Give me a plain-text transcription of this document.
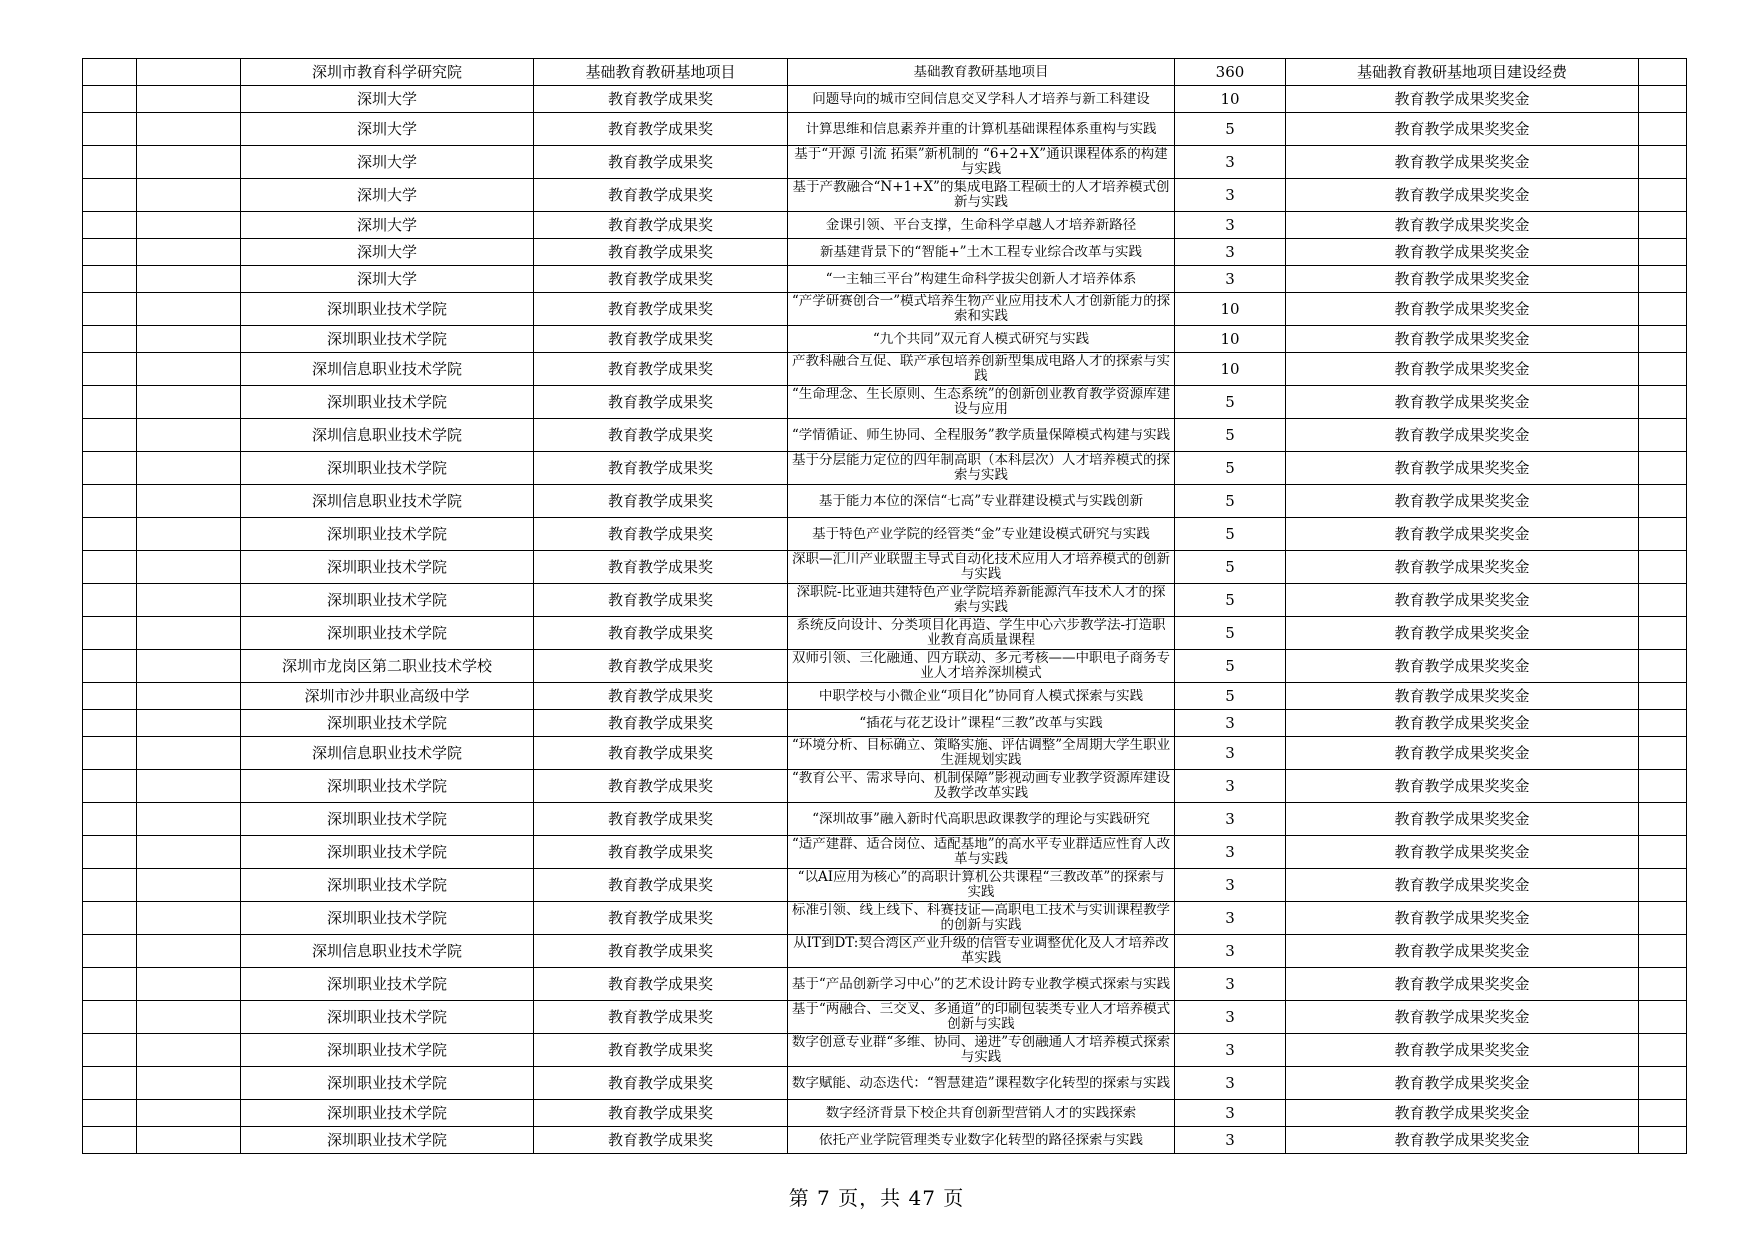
		深圳市教育科学研究院	基础教育教研基地项目	基础教育教研基地项目	360	基础教育教研基地项目建设经费	
		深圳大学	教育教学成果奖	问题导向的城市空间信息交叉学科人才培养与新工科建设	10	教育教学成果奖奖金	
		深圳大学	教育教学成果奖	计算思维和信息素养并重的计算机基础课程体系重构与实践	5	教育教学成果奖奖金	
		深圳大学	教育教学成果奖	基于“开源 引流 拓渠”新机制的 “6+2+X”通识课程体系的构建与实践	3	教育教学成果奖奖金	
		深圳大学	教育教学成果奖	基于产教融合“N+1+X”的集成电路工程硕士的人才培养模式创新与实践	3	教育教学成果奖奖金	
		深圳大学	教育教学成果奖	金课引领、平台支撑，生命科学卓越人才培养新路径	3	教育教学成果奖奖金	
		深圳大学	教育教学成果奖	新基建背景下的“智能+”土木工程专业综合改革与实践	3	教育教学成果奖奖金	
		深圳大学	教育教学成果奖	“一主轴三平台”构建生命科学拔尖创新人才培养体系	3	教育教学成果奖奖金	
		深圳职业技术学院	教育教学成果奖	“产学研赛创合一”模式培养生物产业应用技术人才创新能力的探索和实践	10	教育教学成果奖奖金	
		深圳职业技术学院	教育教学成果奖	“九个共同”双元育人模式研究与实践	10	教育教学成果奖奖金	
		深圳信息职业技术学院	教育教学成果奖	产教科融合互促、联产承包培养创新型集成电路人才的探索与实践	10	教育教学成果奖奖金	
		深圳职业技术学院	教育教学成果奖	“生命理念、生长原则、生态系统”的创新创业教育教学资源库建设与应用	5	教育教学成果奖奖金	
		深圳信息职业技术学院	教育教学成果奖	“学情循证、师生协同、全程服务”教学质量保障模式构建与实践	5	教育教学成果奖奖金	
		深圳职业技术学院	教育教学成果奖	基于分层能力定位的四年制高职（本科层次）人才培养模式的探索与实践	5	教育教学成果奖奖金	
		深圳信息职业技术学院	教育教学成果奖	基于能力本位的深信“七高”专业群建设模式与实践创新	5	教育教学成果奖奖金	
		深圳职业技术学院	教育教学成果奖	基于特色产业学院的经管类“金”专业建设模式研究与实践	5	教育教学成果奖奖金	
		深圳职业技术学院	教育教学成果奖	深职—汇川产业联盟主导式自动化技术应用人才培养模式的创新与实践	5	教育教学成果奖奖金	
		深圳职业技术学院	教育教学成果奖	深职院-比亚迪共建特色产业学院培养新能源汽车技术人才的探索与实践	5	教育教学成果奖奖金	
		深圳职业技术学院	教育教学成果奖	系统反向设计、分类项目化再造、学生中心六步教学法-打造职业教育高质量课程	5	教育教学成果奖奖金	
		深圳市龙岗区第二职业技术学校	教育教学成果奖	双师引领、三化融通、四方联动、多元考核——中职电子商务专业人才培养深圳模式	5	教育教学成果奖奖金	
		深圳市沙井职业高级中学	教育教学成果奖	中职学校与小微企业“项目化”协同育人模式探索与实践	5	教育教学成果奖奖金	
		深圳职业技术学院	教育教学成果奖	“插花与花艺设计”课程“三教”改革与实践	3	教育教学成果奖奖金	
		深圳信息职业技术学院	教育教学成果奖	“环境分析、目标确立、策略实施、评估调整”全周期大学生职业生涯规划实践	3	教育教学成果奖奖金	
		深圳职业技术学院	教育教学成果奖	“教育公平、需求导向、机制保障”影视动画专业教学资源库建设及教学改革实践	3	教育教学成果奖奖金	
		深圳职业技术学院	教育教学成果奖	“深圳故事”融入新时代高职思政课教学的理论与实践研究	3	教育教学成果奖奖金	
		深圳职业技术学院	教育教学成果奖	“适产建群、适合岗位、适配基地”的高水平专业群适应性育人改革与实践	3	教育教学成果奖奖金	
		深圳职业技术学院	教育教学成果奖	“以AI应用为核心”的高职计算机公共课程“三教改革”的探索与实践	3	教育教学成果奖奖金	
		深圳职业技术学院	教育教学成果奖	标准引领、线上线下、科赛技证—高职电工技术与实训课程教学的创新与实践	3	教育教学成果奖奖金	
		深圳信息职业技术学院	教育教学成果奖	从IT到DT:契合湾区产业升级的信管专业调整优化及人才培养改革实践	3	教育教学成果奖奖金	
		深圳职业技术学院	教育教学成果奖	基于“产品创新学习中心”的艺术设计跨专业教学模式探索与实践	3	教育教学成果奖奖金	
		深圳职业技术学院	教育教学成果奖	基于“两融合、三交叉、多通道”的印刷包装类专业人才培养模式创新与实践	3	教育教学成果奖奖金	
		深圳职业技术学院	教育教学成果奖	数字创意专业群“多维、协同、递进”专创融通人才培养模式探索与实践	3	教育教学成果奖奖金	
		深圳职业技术学院	教育教学成果奖	数字赋能、动态迭代：“智慧建造”课程数字化转型的探索与实践	3	教育教学成果奖奖金	
		深圳职业技术学院	教育教学成果奖	数字经济背景下校企共育创新型营销人才的实践探索	3	教育教学成果奖奖金	
		深圳职业技术学院	教育教学成果奖	依托产业学院管理类专业数字化转型的路径探索与实践	3	教育教学成果奖奖金	
第 7 页，共 47 页
